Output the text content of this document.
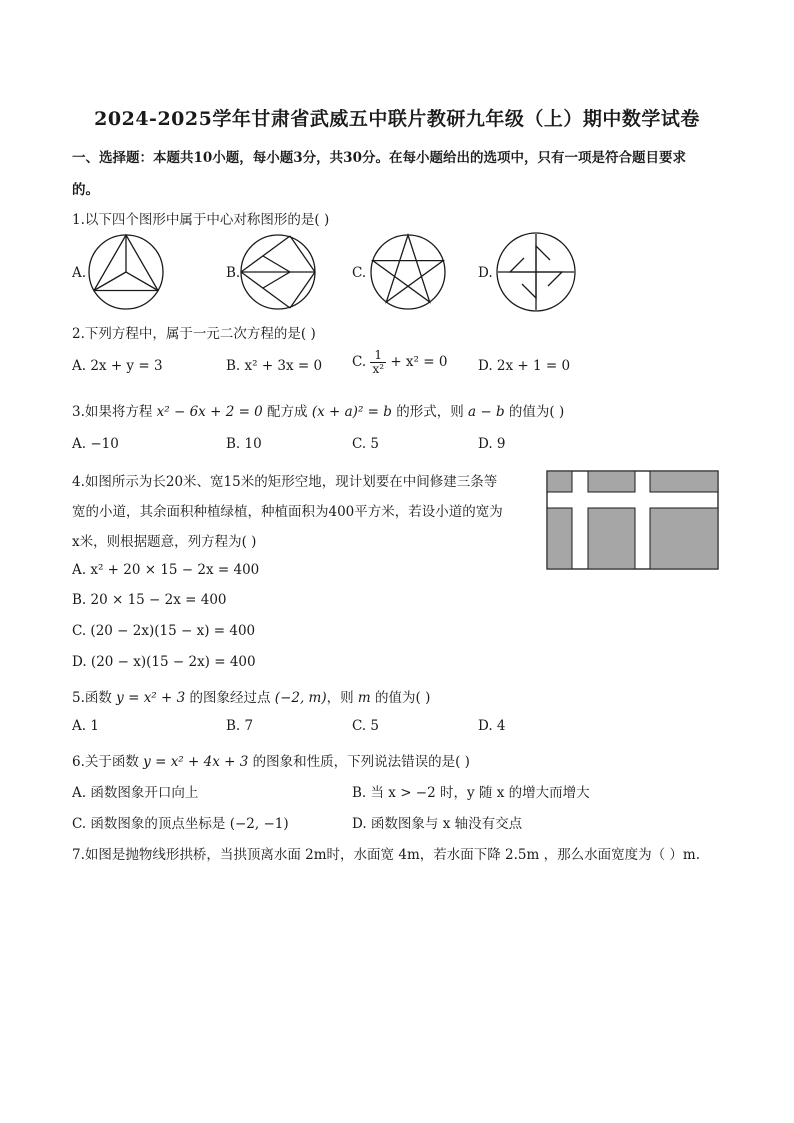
2024-2025学年甘肃省武威五中联片教研九年级（上）期中数学试卷
一、选择题：本题共10小题，每小题3分，共30分。在每小题给出的选项中，只有一项是符合题目要求
的。
1.以下四个图形中属于中心对称图形的是( )
A.	B.	C.	D.
2.下列方程中，属于一元二次方程的是( )
A. 2x + y = 3	B. x² + 3x = 0 C. $\frac{1}{\text{x²}} + x^2 = 0$ D. 2x + 1 = 0
3.如果将方程 x² − 6x + 2 = 0 配方成 (x + a)² = b 的形式，则 a − b 的值为( )
A. −10	B. 10	C. 5	D. 9
4.如图所示为长20米、宽15米的矩形空地，现计划要在中间修建三条等
宽的小道，其余面积种植绿植，种植面积为400平方米，若设小道的宽为
x米，则根据题意，列方程为( )
A. x² + 20 × 15 − 2x = 400
B. 20 × 15 − 2x = 400
C. (20 − 2x)(15 − x) = 400
D. (20 − x)(15 − 2x) = 400
5.函数 y = x² + 3 的图象经过点 (−2, m)，则 m 的值为( )
A. 1	B. 7	C. 5	D. 4
6.关于函数 y = x² + 4x + 3 的图象和性质，下列说法错误的是( )
A. 函数图象开口向上	B. 当 x > −2 时，y 随 x 的增大而增大
C. 函数图象的顶点坐标是 (−2, −1)	D. 函数图象与 x 轴没有交点
7.如图是抛物线形拱桥，当拱顶离水面 2m时，水面宽 4m，若水面下降 2.5m ，那么水面宽度为（ ）m.
